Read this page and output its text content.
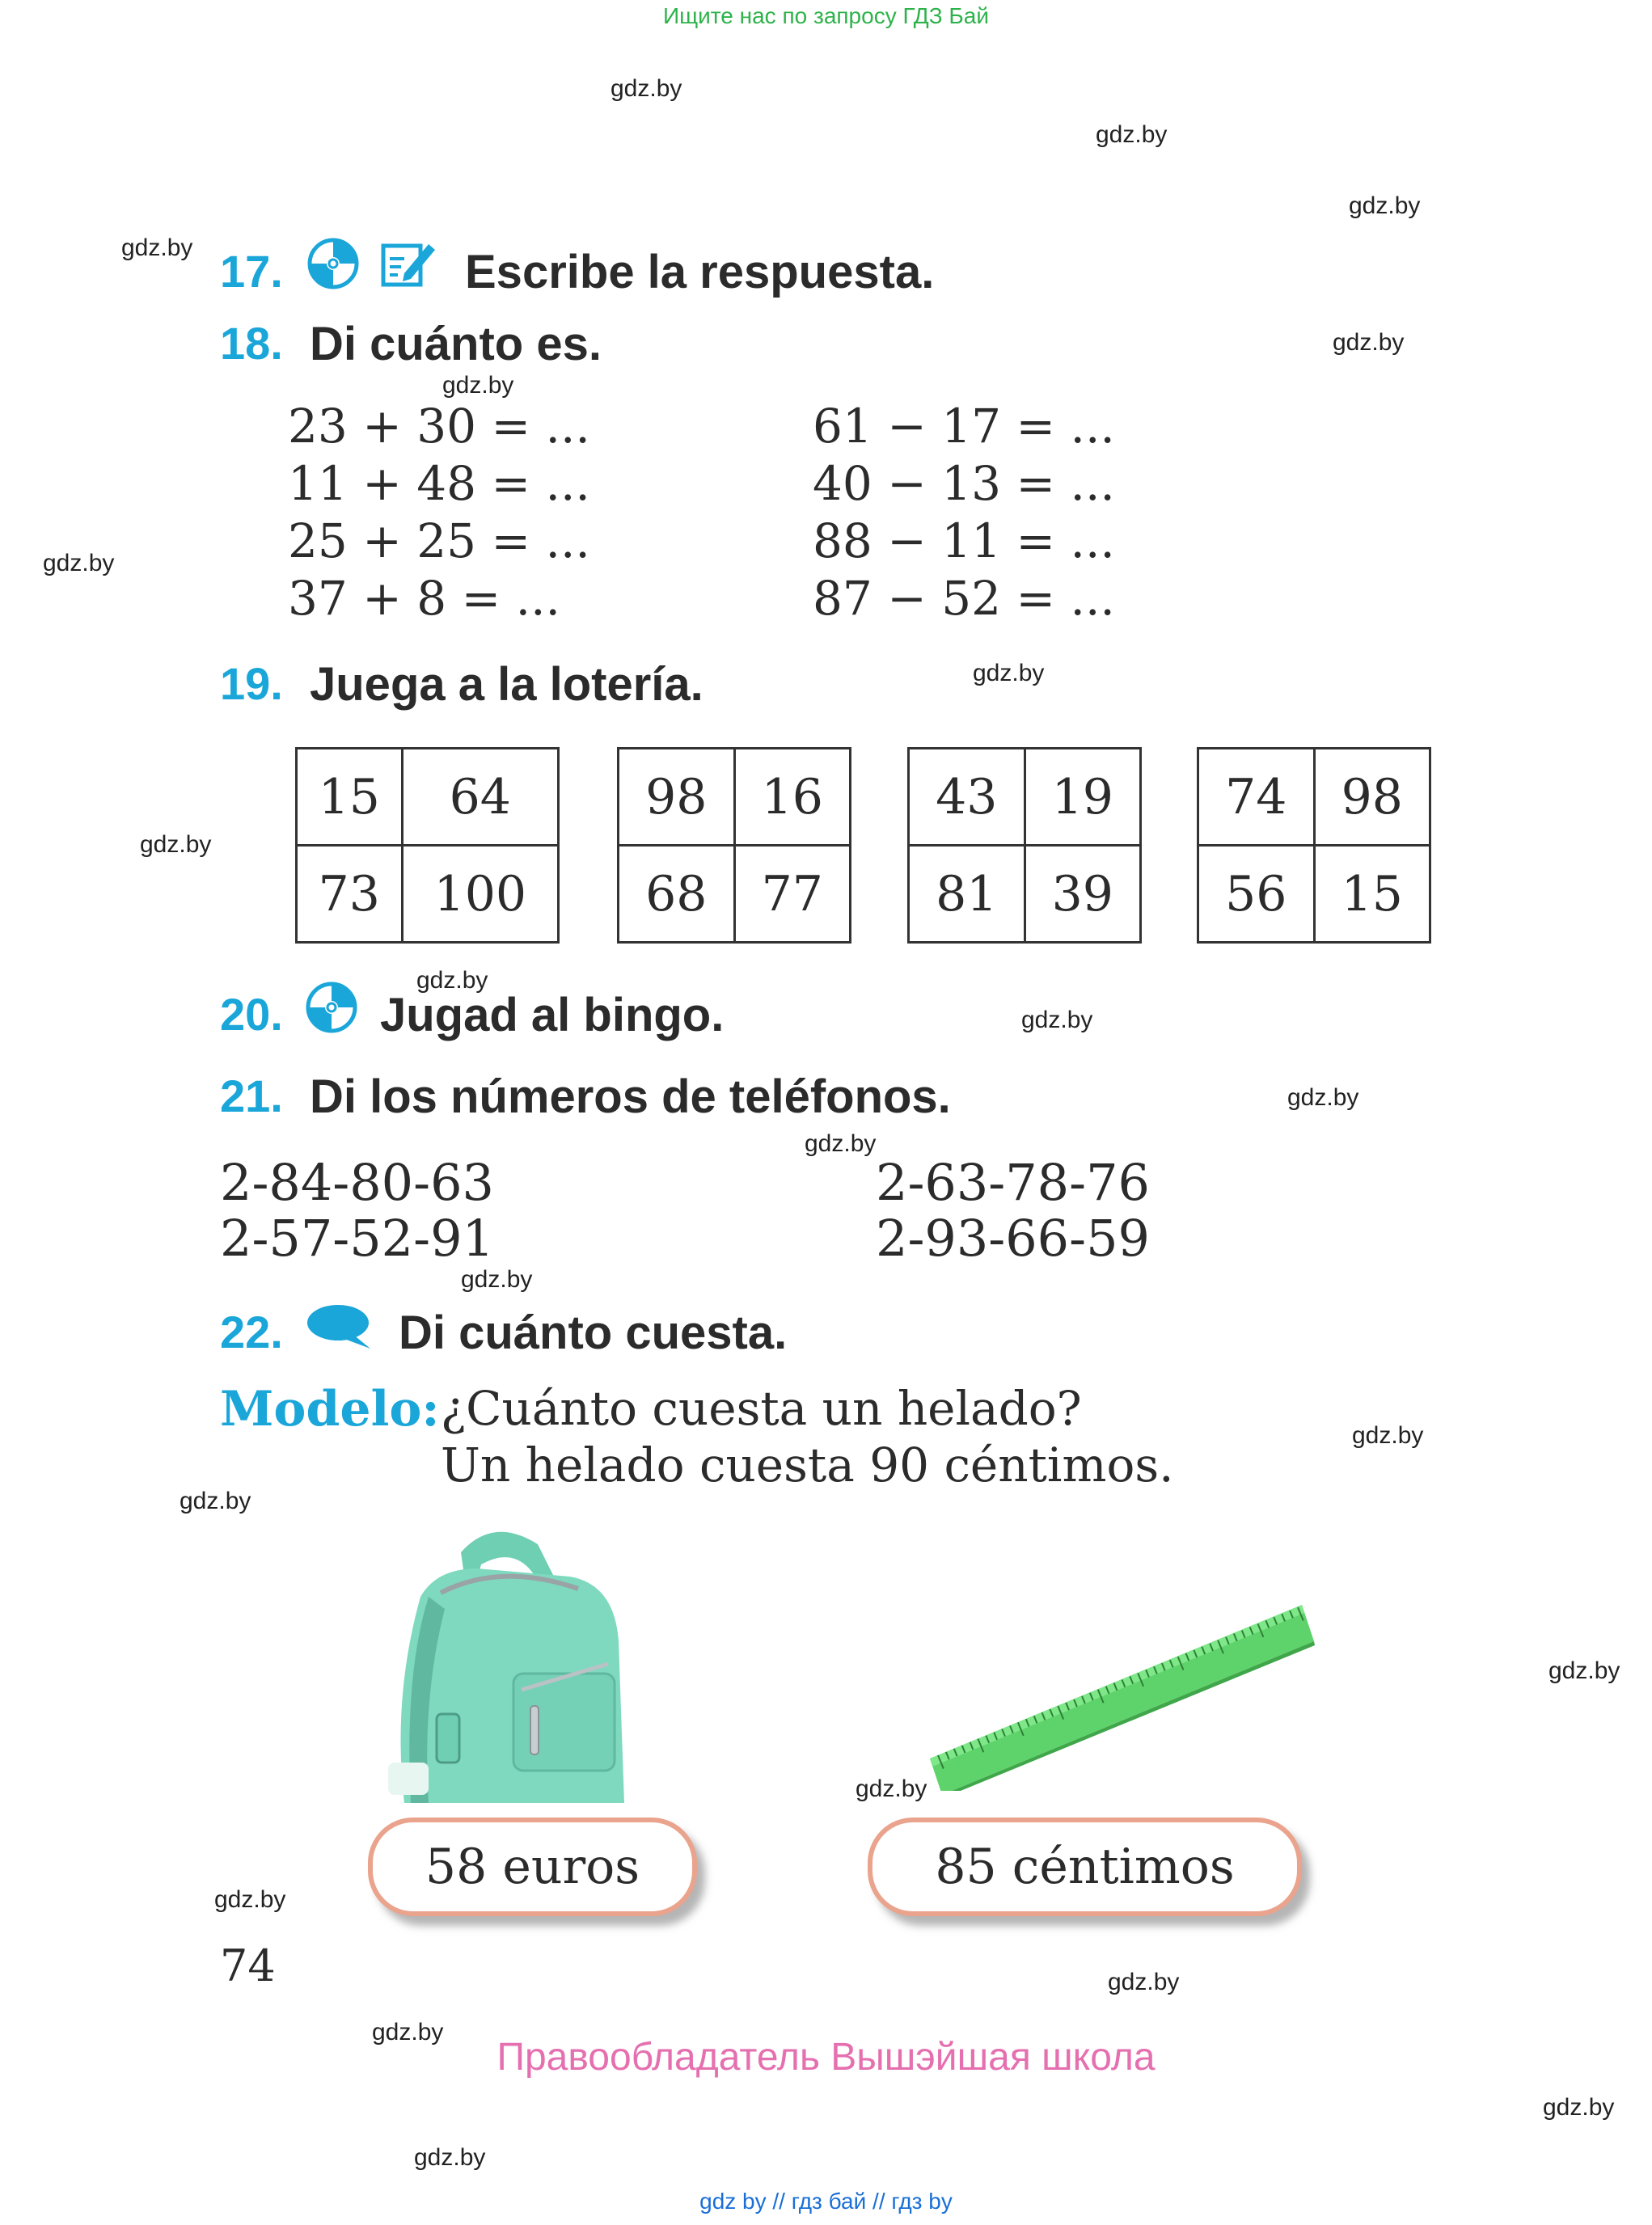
Ищите нас по запросу ГДЗ Бай
gdz.by
gdz.by
gdz.by
gdz.by
gdz.by
gdz.by
gdz.by
gdz.by
gdz.by
gdz.by
gdz.by
gdz.by
gdz.by
gdz.by
gdz.by
gdz.by
gdz.by
gdz.by
gdz.by
gdz.by
gdz.by
gdz.by
gdz.by
17.	Escribe la respuesta.
18. Di cuánto es.
23 + 30 = ...
11 + 48 = ...
25 + 25 = ...
37 + 8 = ...
61 − 17 = ...
40 − 13 = ...
88 − 11 = ...
87 − 52 = ...
19. Juega a la lotería.
15	64
73	100
98	16
68	77
43	19
81	39
74	98
56	15
20. Jugad al bingo.
21. Di los números de teléfonos.
2-84-80-63	2-63-78-76
2-57-52-91	2-93-66-59
22. Di cuánto cuesta.
Modelo: ¿Cuánto cuesta un helado?
Un helado cuesta 90 céntimos.
58 euros	85 céntimos
74
Правообладатель Вышэйшая школа
gdz by // гдз бай // гдз by
